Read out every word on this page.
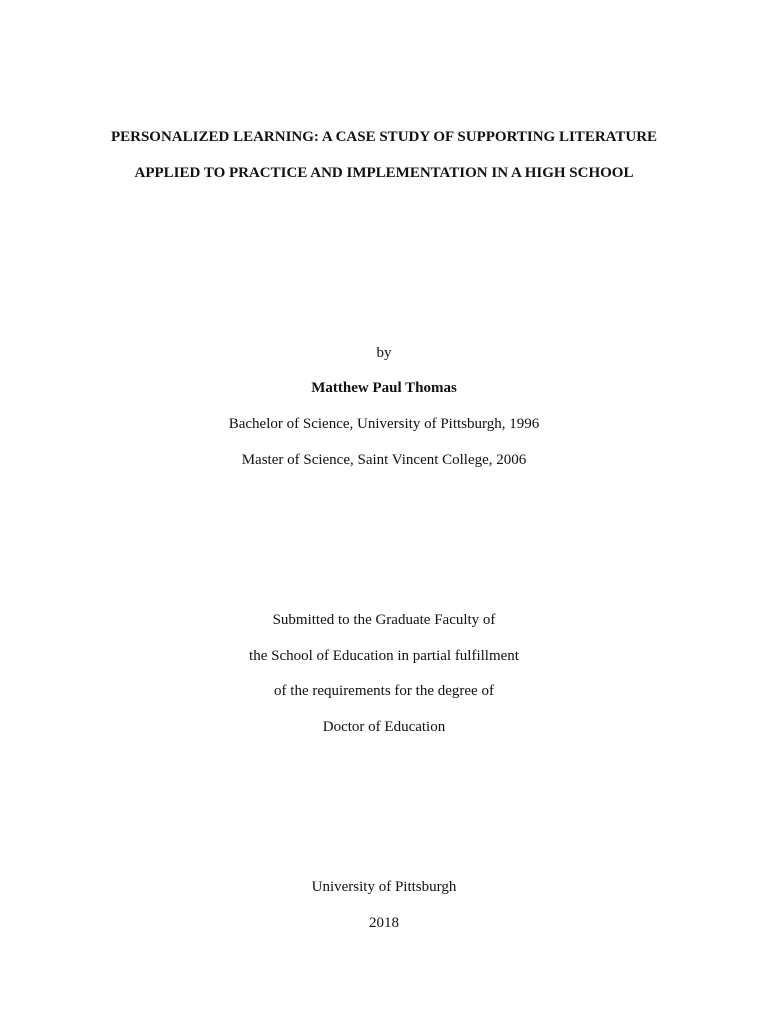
PERSONALIZED LEARNING: A CASE STUDY OF SUPPORTING LITERATURE
APPLIED TO PRACTICE AND IMPLEMENTATION IN A HIGH SCHOOL
by
Matthew Paul Thomas
Bachelor of Science, University of Pittsburgh, 1996
Master of Science, Saint Vincent College, 2006
Submitted to the Graduate Faculty of
the School of Education in partial fulfillment
of the requirements for the degree of
Doctor of Education
University of Pittsburgh
2018
